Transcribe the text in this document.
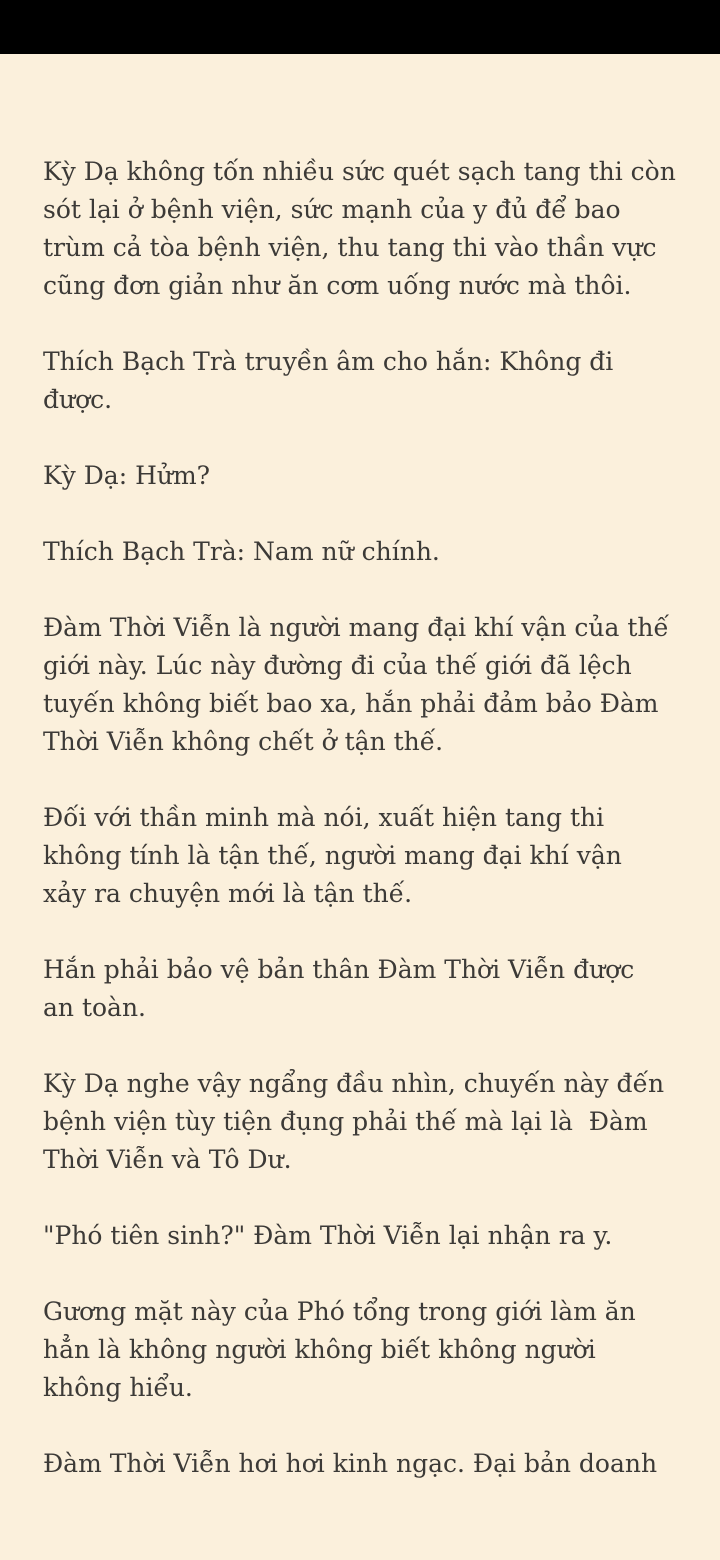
Kỳ Dạ không tốn nhiều sức quét sạch tang thi còn
sót lại ở bệnh viện, sức mạnh của y đủ để bao
trùm cả tòa bệnh viện, thu tang thi vào thần vực
cũng đơn giản như ăn cơm uống nước mà thôi.
Thích Bạch Trà truyền âm cho hắn: Không đi
được.
Kỳ Dạ: Hửm?
Thích Bạch Trà: Nam nữ chính.
Đàm Thời Viễn là người mang đại khí vận của thế
giới này. Lúc này đường đi của thế giới đã lệch
tuyến không biết bao xa, hắn phải đảm bảo Đàm
Thời Viễn không chết ở tận thế.
Đối với thần minh mà nói, xuất hiện tang thi
không tính là tận thế, người mang đại khí vận
xảy ra chuyện mới là tận thế.
Hắn phải bảo vệ bản thân Đàm Thời Viễn được
an toàn.
Kỳ Dạ nghe vậy ngẩng đầu nhìn, chuyến này đến
bệnh viện tùy tiện đụng phải thế mà lại là  Đàm
Thời Viễn và Tô Dư.
"Phó tiên sinh?" Đàm Thời Viễn lại nhận ra y.
Gương mặt này của Phó tổng trong giới làm ăn
hẳn là không người không biết không người
không hiểu.
Đàm Thời Viễn hơi hơi kinh ngạc. Đại bản doanh
